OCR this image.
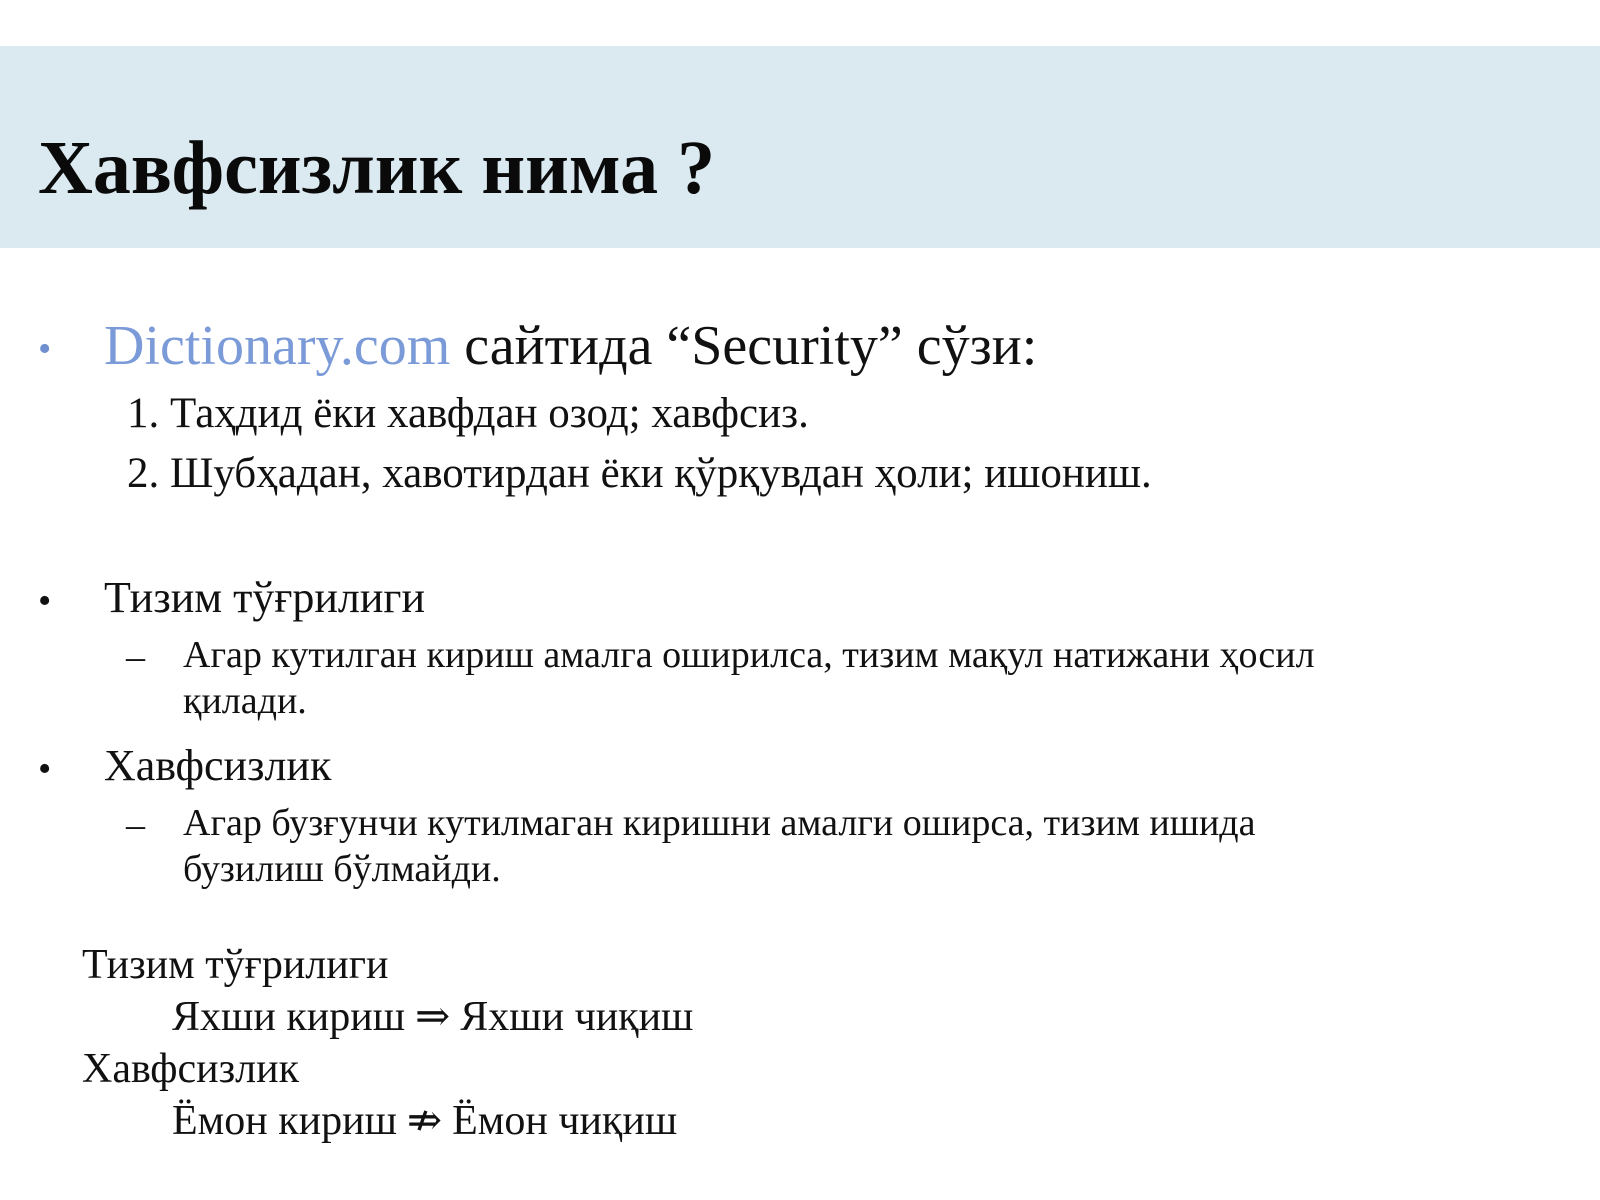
Хавфсизлик нима ?
• Dictionary.com сайтида “Security” сўзи:
1. Таҳдид ёки хавфдан озод; хавфсиз.
2. Шубҳадан, хавотирдан ёки қўрқувдан ҳоли; ишониш.
• Тизим тўғрилиги
– Агар кутилган кириш амалга оширилса, тизим мақул натижани ҳосил
қилади.
• Хавфсизлик
– Агар бузғунчи кутилмаган киришни амалги оширса, тизим ишида
бузилиш бўлмайди.
Тизим тўғрилиги
Яхши кириш ⇒ Яхши чиқиш
Хавфсизлик
Ёмон кириш ⇏ Ёмон чиқиш
